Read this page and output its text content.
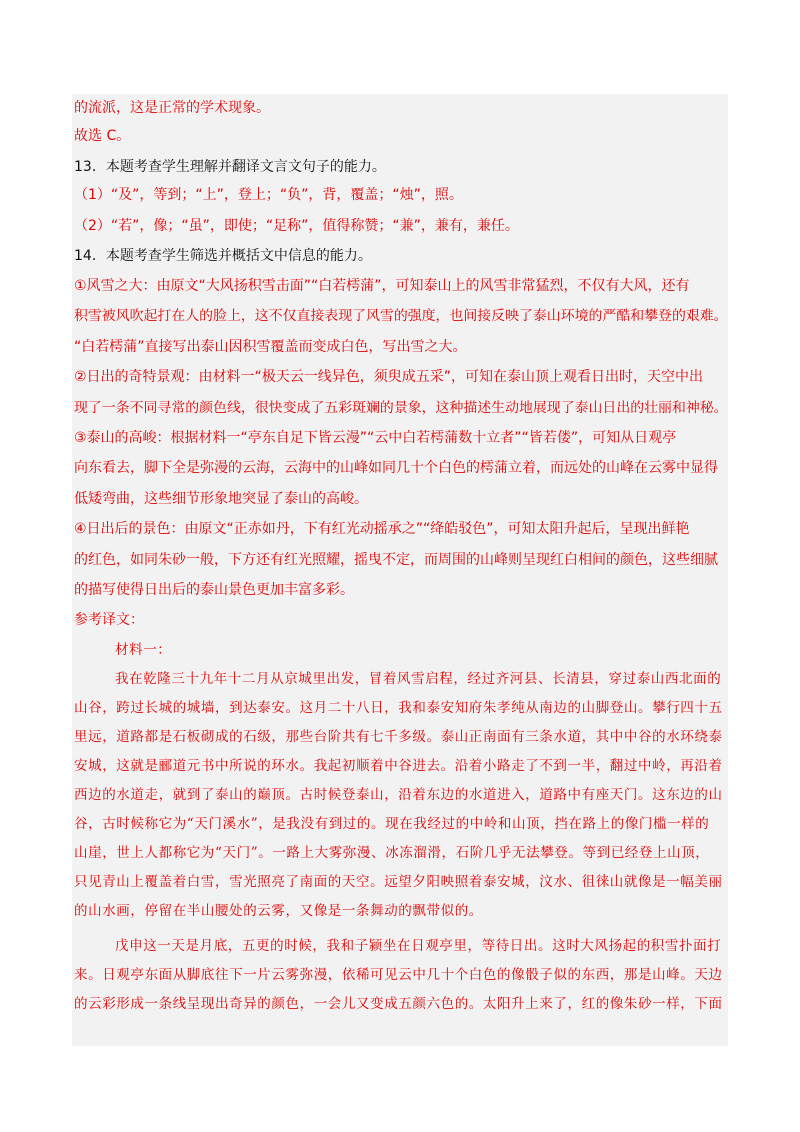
的流派，这是正常的学术现象。
故选 C。
13．本题考查学生理解并翻译文言文句子的能力。
（1）“及”，等到；“上”，登上；“负”，背，覆盖；“烛”，照。
（2）“若”，像；“虽”，即使；“足称”，值得称赞；“兼”，兼有，兼任。
14．本题考查学生筛选并概括文中信息的能力。
①风雪之大：由原文“大风扬积雪击面”“白若樗蒲”，可知泰山上的风雪非常猛烈，不仅有大风，还有
积雪被风吹起打在人的脸上，这不仅直接表现了风雪的强度，也间接反映了泰山环境的严酷和攀登的艰难。
“白若樗蒲”直接写出泰山因积雪覆盖而变成白色，写出雪之大。
②日出的奇特景观：由材料一“极天云一线异色，须臾成五采”，可知在泰山顶上观看日出时，天空中出
现了一条不同寻常的颜色线，很快变成了五彩斑斓的景象，这种描述生动地展现了泰山日出的壮丽和神秘。
③泰山的高峻：根据材料一“亭东自足下皆云漫”“云中白若樗蒲数十立者”“皆若偻”，可知从日观亭
向东看去，脚下全是弥漫的云海，云海中的山峰如同几十个白色的樗蒲立着，而远处的山峰在云雾中显得
低矮弯曲，这些细节形象地突显了泰山的高峻。
④日出后的景色：由原文“正赤如丹，下有红光动摇承之”“绛皓驳色”，可知太阳升起后，呈现出鲜艳
的红色，如同朱砂一般，下方还有红光照耀，摇曳不定，而周围的山峰则呈现红白相间的颜色，这些细腻
的描写使得日出后的泰山景色更加丰富多彩。
参考译文：
材料一：
我在乾隆三十九年十二月从京城里出发，冒着风雪启程，经过齐河县、长清县，穿过泰山西北面的
山谷，跨过长城的城墙，到达泰安。这月二十八日，我和泰安知府朱孝纯从南边的山脚登山。攀行四十五
里远，道路都是石板砌成的石级，那些台阶共有七千多级。泰山正南面有三条水道，其中中谷的水环绕泰
安城，这就是郦道元书中所说的环水。我起初顺着中谷进去。沿着小路走了不到一半，翻过中岭，再沿着
西边的水道走，就到了泰山的巅顶。古时候登泰山，沿着东边的水道进入，道路中有座天门。这东边的山
谷，古时候称它为“天门溪水”，是我没有到过的。现在我经过的中岭和山顶，挡在路上的像门槛一样的
山崖，世上人都称它为“天门”。一路上大雾弥漫、冰冻溜滑，石阶几乎无法攀登。等到已经登上山顶，
只见青山上覆盖着白雪，雪光照亮了南面的天空。远望夕阳映照着泰安城，汶水、徂徕山就像是一幅美丽
的山水画，停留在半山腰处的云雾，又像是一条舞动的飘带似的。
戊申这一天是月底，五更的时候，我和子颍坐在日观亭里，等待日出。这时大风扬起的积雪扑面打
来。日观亭东面从脚底往下一片云雾弥漫，依稀可见云中几十个白色的像骰子似的东西，那是山峰。天边
的云彩形成一条线呈现出奇异的颜色，一会儿又变成五颜六色的。太阳升上来了，红的像朱砂一样，下面
